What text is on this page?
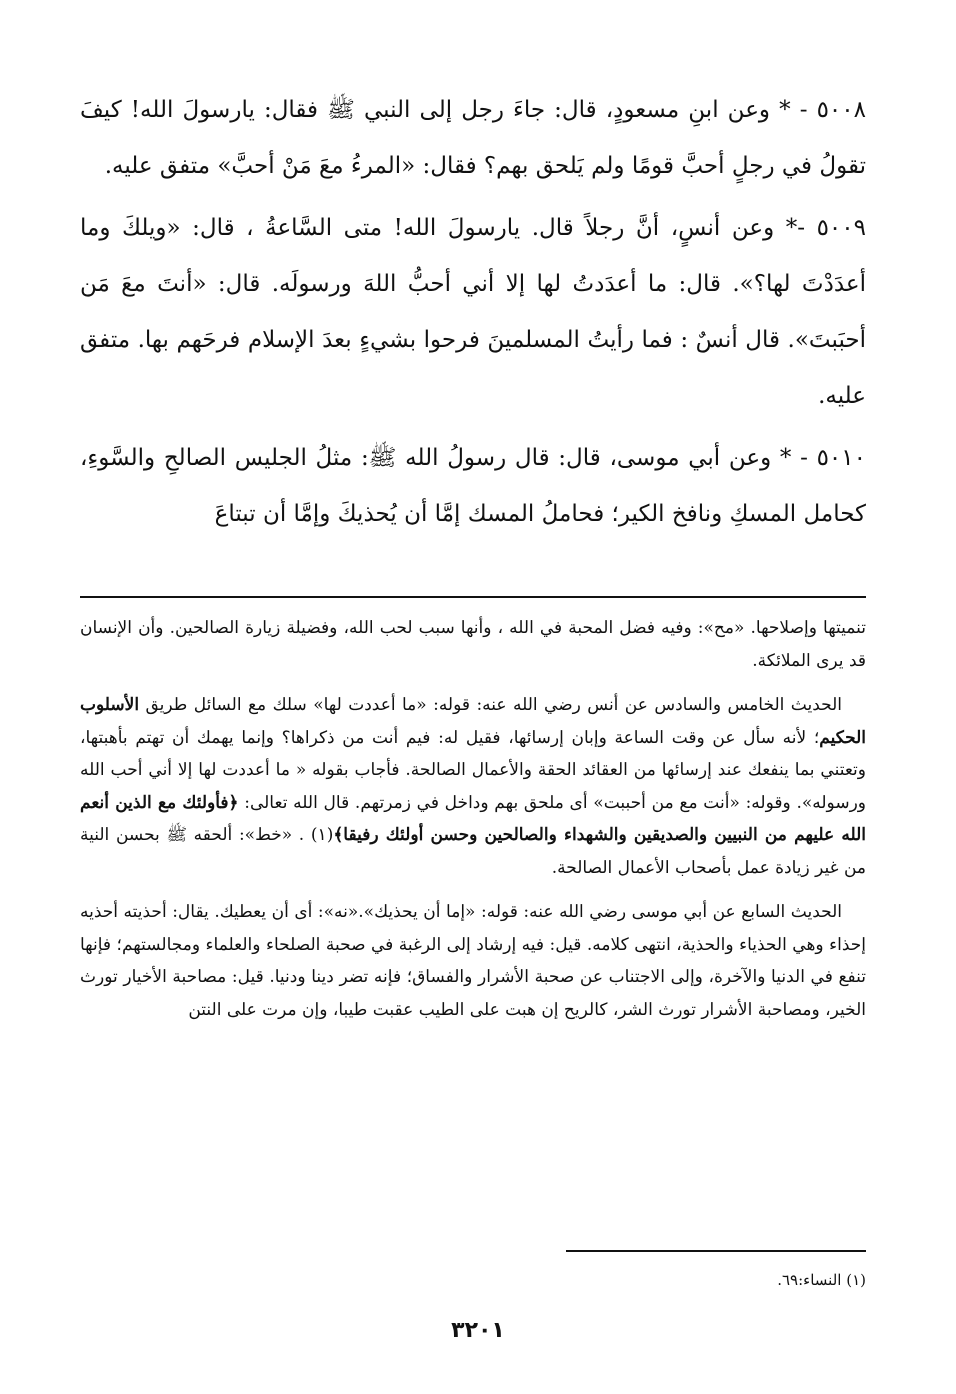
٥٠٠٨ - * وعن ابنِ مسعودٍ، قال: جاءَ رجل إلى النبي ﷺ فقال: يارسولَ الله! كيفَ تقولُ في رجلٍ أحبَّ قومًا ولم يَلحق بهم؟ فقال: «المرءُ معَ مَنْ أحبَّ» متفق عليه.

٥٠٠٩ -* وعن أنسٍ، أنَّ رجلاً قال. يارسولَ الله! متى السَّاعةُ ، قال: «ويلكَ وما أعدَدْتَ لها؟». قال: ما أعدَدتُ لها إلا أني أحبُّ اللهَ ورسولَه. قال: «أنتَ معَ مَن أحبَبتَ». قال أنسٌ : فما رأيتُ المسلمينَ فرحوا بشيءٍ بعدَ الإسلام فرحَهم بها. متفق عليه.

٥٠١٠ - * وعن أبي موسى، قال: قال رسولُ الله ﷺ: مثلُ الجليس الصالحِ والسَّوءِ، كحامل المسكِ ونافخ الكير؛ فحاملُ المسك إمَّا أن يُحذيكَ وإمَّا أن تبتاعَ

تنميتها وإصلاحها. «مح»: وفيه فضل المحبة في الله ، وأنها سبب لحب الله، وفضيلة زيارة الصالحين. وأن الإنسان قد يرى الملائكة.

الحديث الخامس والسادس عن أنس رضي الله عنه: قوله: «ما أعددت لها» سلك مع السائل طريق الأسلوب الحكيم؛ لأنه سأل عن وقت الساعة وإبان إرسائها، فقيل له: فيم أنت من ذكراها؟ وإنما يهمك أن تهتم بأهبتها، وتعتني بما ينفعك عند إرسائها من العقائد الحقة والأعمال الصالحة. فأجاب بقوله « ما أعددت لها إلا أني أحب الله ورسوله». وقوله: «أنت مع من أحببت» أى ملحق بهم وداخل في زمرتهم. قال الله تعالى: ﴿فأولئك مع الذين أنعم الله عليهم من النبيين والصديقين والشهداء والصالحين وحسن أولئك رفيقا﴾(١) . «خط»: ألحقه ﷺ بحسن النية من غير زيادة عمل بأصحاب الأعمال الصالحة.

الحديث السابع عن أبي موسى رضي الله عنه: قوله: «إما أن يحذيك».«نه»: أى أن يعطيك. يقال: أحذيته أحذيه إحذاء وهي الحذياء والحذية، انتهى كلامه. قيل: فيه إرشاد إلى الرغبة في صحبة الصلحاء والعلماء ومجالستهم؛ فإنها تنفع في الدنيا والآخرة، وإلى الاجتناب عن صحبة الأشرار والفساق؛ فإنه تضر دينا ودنيا. قيل: مصاحبة الأخيار تورث الخير، ومصاحبة الأشرار تورث الشر، كالريح إن هبت على الطيب عقبت طيبا، وإن مرت على النتن

(١) النساء:٦٩.
٣٢٠١
